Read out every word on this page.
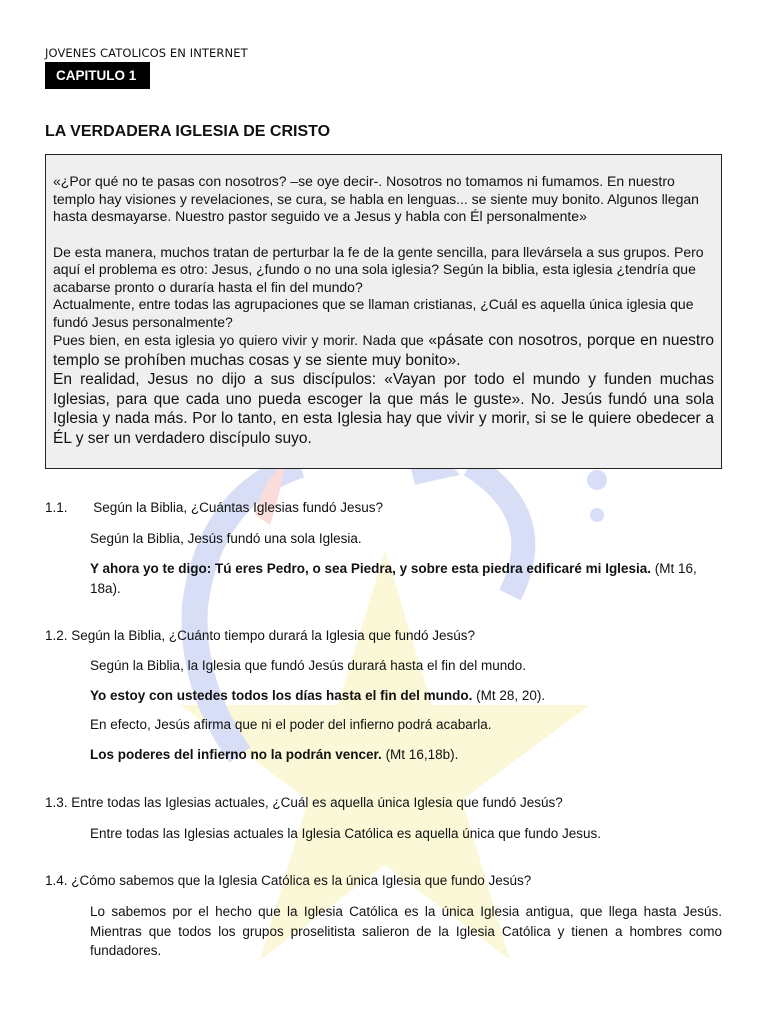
JOVENES CATOLICOS EN INTERNET
CAPITULO 1
LA VERDADERA IGLESIA DE CRISTO

«¿Por qué no te pasas con nosotros? –se oye decir-. Nosotros no tomamos ni fumamos. En nuestro templo hay visiones y revelaciones, se cura, se habla en lenguas... se siente muy bonito. Algunos llegan hasta desmayarse. Nuestro pastor seguido ve a Jesus y habla con Él personalmente»

De esta manera, muchos tratan de perturbar la fe de la gente sencilla, para llevársela a sus grupos. Pero aquí el problema es otro: Jesus, ¿fundo o no una sola iglesia? Según la biblia, esta iglesia ¿tendría que acabarse pronto o duraría hasta el fin del mundo?

Actualmente, entre todas las agrupaciones que se llaman cristianas, ¿Cuál es aquella única iglesia que fundó Jesus personalmente?

Pues bien, en esta iglesia yo quiero vivir y morir. Nada que «pásate con nosotros, porque en nuestro templo se prohíben muchas cosas y se siente muy bonito».

En realidad, Jesus no dijo a sus discípulos: «Vayan por todo el mundo y funden muchas Iglesias, para que cada uno pueda escoger la que más le guste». No. Jesús fundó una sola Iglesia y nada más. Por lo tanto, en esta Iglesia hay que vivir y morir, si se le quiere obedecer a ÉL y ser un verdadero discípulo suyo.

1.1. Según la Biblia, ¿Cuántas Iglesias fundó Jesus?
Según la Biblia, Jesús fundó una sola Iglesia.
Y ahora yo te digo: Tú eres Pedro, o sea Piedra, y sobre esta piedra edificaré mi Iglesia. (Mt 16, 18a).
1.2. Según la Biblia, ¿Cuánto tiempo durará la Iglesia que fundó Jesús?
Según la Biblia, la Iglesia que fundó Jesús durará hasta el fin del mundo.
Yo estoy con ustedes todos los días hasta el fin del mundo. (Mt 28, 20).
En efecto, Jesús afirma que ni el poder del infierno podrá acabarla.
Los poderes del infierno no la podrán vencer. (Mt 16,18b).
1.3. Entre todas las Iglesias actuales, ¿Cuál es aquella única Iglesia que fundó Jesús?
Entre todas las Iglesias actuales la Iglesia Católica es aquella única que fundo Jesus.
1.4. ¿Cómo sabemos que la Iglesia Católica es la única Iglesia que fundo Jesús?
Lo sabemos por el hecho que la Iglesia Católica es la única Iglesia antigua, que llega hasta Jesús. Mientras que todos los grupos proselitista salieron de la Iglesia Católica y tienen a hombres como fundadores.
